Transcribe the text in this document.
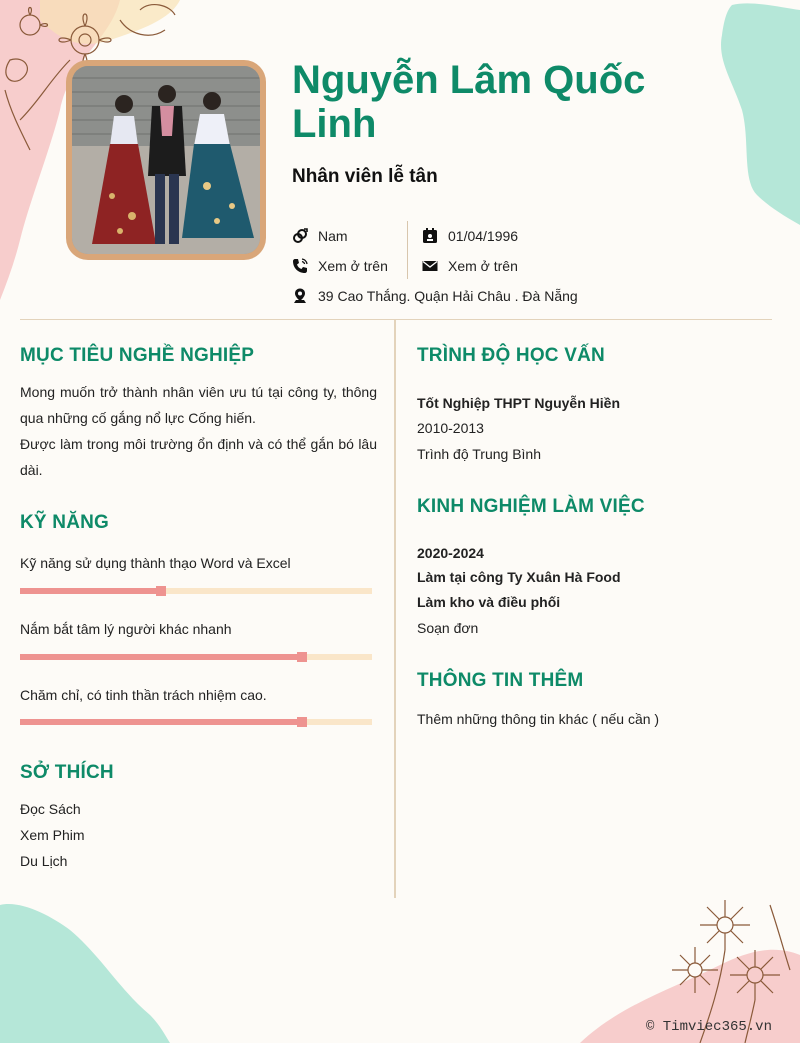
Nguyễn Lâm Quốc Linh
Nhân viên lễ tân
Nam	01/04/1996
Xem ở trên	Xem ở trên
39 Cao Thắng. Quận Hải Châu . Đà Nẵng
MỤC TIÊU NGHỀ NGHIỆP
Mong muốn trở thành nhân viên ưu tú tại công ty, thông qua những cố gắng nổ lực Cống hiến.
Được làm trong môi trường ổn định và có thể gắn bó lâu dài.
KỸ NĂNG
Kỹ năng sử dụng thành thạo Word và Excel
Nắm bắt tâm lý người khác nhanh
Chăm chỉ, có tinh thần trách nhiệm cao.
SỞ THÍCH
Đọc Sách
Xem Phim
Du Lịch
TRÌNH ĐỘ HỌC VẤN
Tốt Nghiệp THPT Nguyễn Hiền
2010-2013
Trình độ Trung Bình
KINH NGHIỆM LÀM VIỆC
2020-2024
Làm tại công Ty Xuân Hà Food
Làm kho và điều phối
Soạn đơn
THÔNG TIN THÊM
Thêm những thông tin khác ( nếu cần )
© Timviec365.vn
